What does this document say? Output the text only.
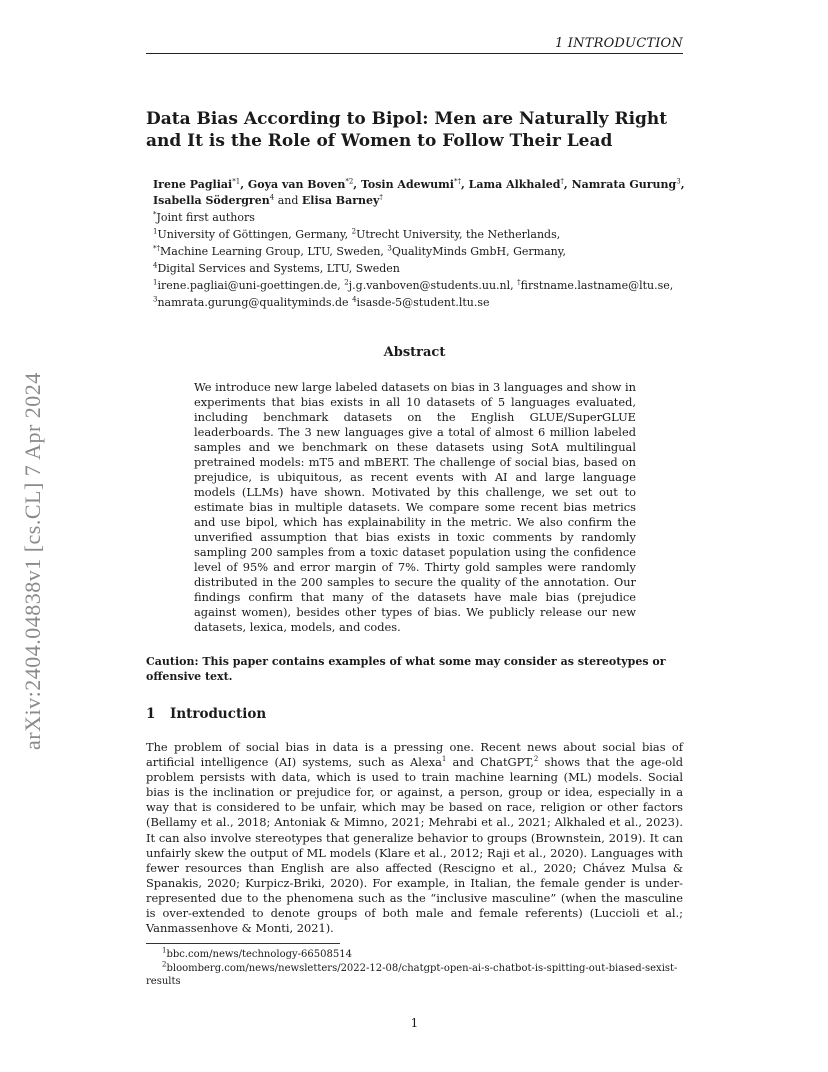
1 INTRODUCTION
arXiv:2404.04838v1 [cs.CL] 7 Apr 2024
Data Bias According to Bipol: Men are Naturally Right and It is the Role of Women to Follow Their Lead
Irene Pagliai$^{*1}$, Goya van Boven$^{*2}$, Tosin Adewumi*†, Lama Alkhaled†, Namrata Gurung$^3$,
Isabella Södergren$^4$ and Elisa Barney†
*Joint first authors
$^1$University of Göttingen, Germany, $^2$Utrecht University, the Netherlands,
*†Machine Learning Group, LTU, Sweden, $^3$QualityMinds GmbH, Germany,
$^4$Digital Services and Systems, LTU, Sweden
$^1$irene.pagliai@uni-goettingen.de, $^2$j.g.vanboven@students.uu.nl, †firstname.lastname@ltu.se,
$^3$namrata.gurung@qualityminds.de $^4$isasde-5@student.ltu.se
Abstract
We introduce new large labeled datasets on bias in 3 languages and show in experiments that bias exists in all 10 datasets of 5 languages evaluated, including benchmark datasets on the English GLUE/SuperGLUE leaderboards. The 3 new languages give a total of almost 6 million labeled samples and we benchmark on these datasets using SotA multilingual pretrained models: mT5 and mBERT. The challenge of social bias, based on prejudice, is ubiquitous, as recent events with AI and large language models (LLMs) have shown. Motivated by this challenge, we set out to estimate bias in multiple datasets. We compare some recent bias metrics and use bipol, which has explainability in the metric. We also confirm the unverified assumption that bias exists in toxic comments by randomly sampling 200 samples from a toxic dataset population using the confidence level of 95% and error margin of 7%. Thirty gold samples were randomly distributed in the 200 samples to secure the quality of the annotation. Our findings confirm that many of the datasets have male bias (prejudice against women), besides other types of bias. We publicly release our new datasets, lexica, models, and codes.
Caution: This paper contains examples of what some may consider as stereotypes or offensive text.
1 Introduction
The problem of social bias in data is a pressing one. Recent news about social bias of artificial intelligence (AI) systems, such as Alexa$^1$ and ChatGPT,$^2$ shows that the age-old problem persists with data, which is used to train machine learning (ML) models. Social bias is the inclination or prejudice for, or against, a person, group or idea, especially in a way that is considered to be unfair, which may be based on race, religion or other factors (Bellamy et al., 2018; Antoniak & Mimno, 2021; Mehrabi et al., 2021; Alkhaled et al., 2023). It can also involve stereotypes that generalize behavior to groups (Brownstein, 2019). It can unfairly skew the output of ML models (Klare et al., 2012; Raji et al., 2020). Languages with fewer resources than English are also affected (Rescigno et al., 2020; Chávez Mulsa & Spanakis, 2020; Kurpicz-Briki, 2020). For example, in Italian, the female gender is under-represented due to the phenomena such as the “inclusive masculine” (when the masculine is over-extended to denote groups of both male and female referents) (Luccioli et al.; Vanmassenhove & Monti, 2021).
$^1$bbc.com/news/technology-66508514
$^2$bloomberg.com/news/newsletters/2022-12-08/chatgpt-open-ai-s-chatbot-is-spitting-out-biased-sexist-results
1
